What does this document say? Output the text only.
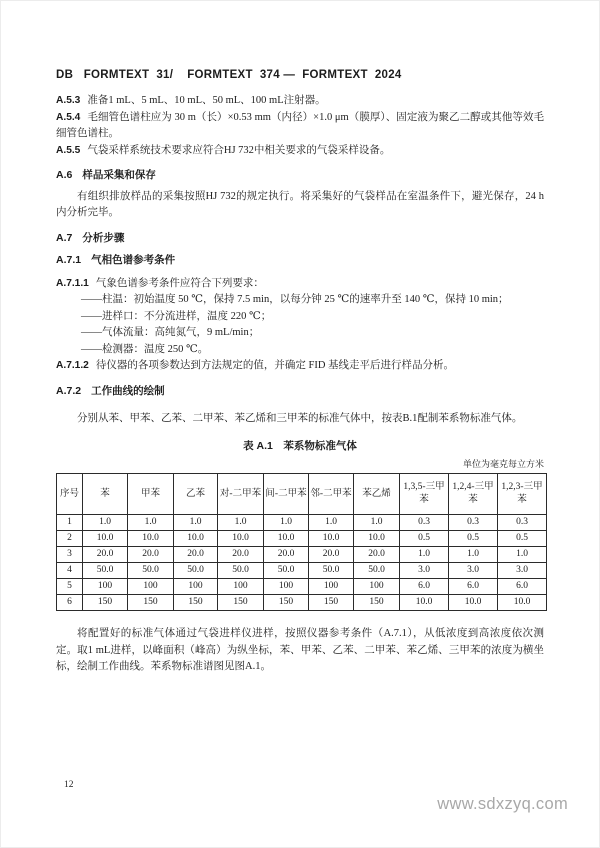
DB   FORMTEXT  31/    FORMTEXT  374 —  FORMTEXT  2024

A.5.3 准备1 mL、5 mL、10 mL、50 mL、100 mL注射器。

A.5.4 毛细管色谱柱应为 30 m（长）×0.53 mm（内径）×1.0 μm（膜厚）、固定液为聚乙二醇或其他等效毛细管色谱柱。

A.5.5 气袋采样系统技术要求应符合HJ 732中相关要求的气袋采样设备。

A.6 样品采集和保存

有组织排放样品的采集按照HJ 732的规定执行。将采集好的气袋样品在室温条件下，避光保存，24 h内分析完毕。

A.7 分析步骤

A.7.1 气相色谱参考条件

A.7.1.1 气象色谱参考条件应符合下列要求：

——柱温：初始温度 50 ℃，保持 7.5 min，以每分钟 25 ℃的速率升至 140 ℃，保持 10 min；
——进样口：不分流进样，温度 220 ℃；
——气体流量：高纯氮气，9 mL/min；
——检测器：温度 250 ℃。

A.7.1.2 待仪器的各项参数达到方法规定的值，并确定 FID 基线走平后进行样品分析。

A.7.2 工作曲线的绘制

分别从苯、甲苯、乙苯、二甲苯、苯乙烯和三甲苯的标准气体中，按表B.1配制苯系物标准气体。

表 A.1　苯系物标准气体

单位为毫克每立方米
序号	苯	甲苯	乙苯	对-二甲苯	间-二甲苯	邻-二甲苯	苯乙烯	1,3,5-三甲苯	1,2,4-三甲苯	1,2,3-三甲苯
1	1.0	1.0	1.0	1.0	1.0	1.0	1.0	0.3	0.3	0.3
2	10.0	10.0	10.0	10.0	10.0	10.0	10.0	0.5	0.5	0.5
3	20.0	20.0	20.0	20.0	20.0	20.0	20.0	1.0	1.0	1.0
4	50.0	50.0	50.0	50.0	50.0	50.0	50.0	3.0	3.0	3.0
5	100	100	100	100	100	100	100	6.0	6.0	6.0
6	150	150	150	150	150	150	150	10.0	10.0	10.0

将配置好的标准气体通过气袋进样仪进样，按照仪器参考条件（A.7.1），从低浓度到高浓度依次测定。取1 mL进样，以峰面积（峰高）为纵坐标，苯、甲苯、乙苯、二甲苯、苯乙烯、三甲苯的浓度为横坐标，绘制工作曲线。苯系物标准谱图见图A.1。

12
www.sdxzyq.com
